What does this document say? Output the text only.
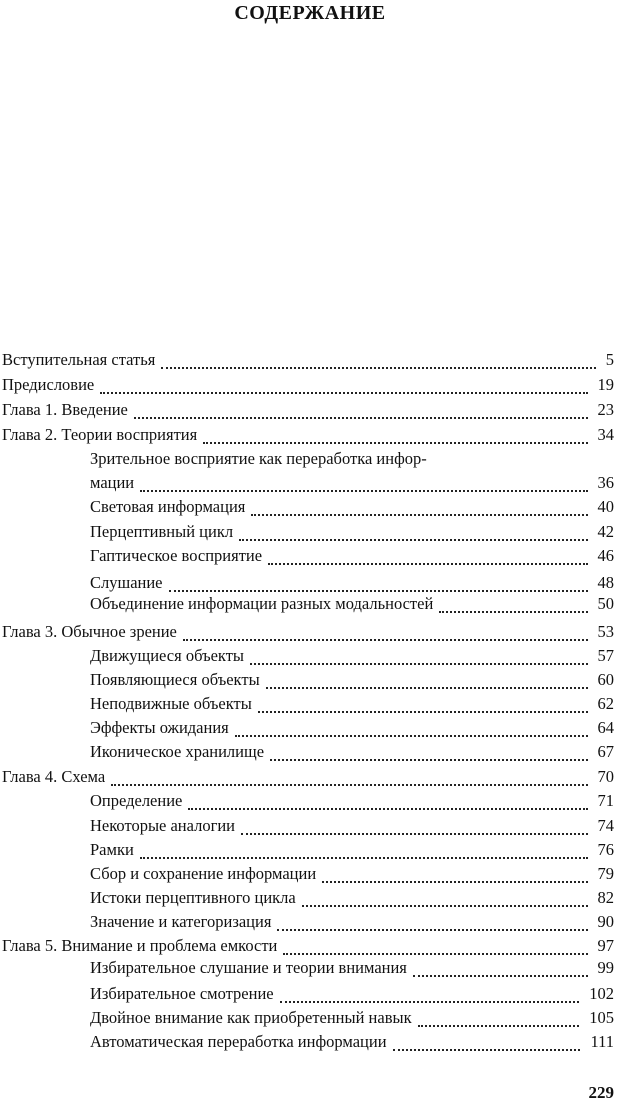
СОДЕРЖАНИЕ
Вступительная статья	5
Предисловие	19
Глава 1. Введение	23
Глава 2. Теории восприятия	34
Зрительное восприятие как переработка инфор-
мации	36
Световая информация	40
Перцептивный цикл	42
Гаптическое восприятие	46
Слушание	48
Объединение информации разных модальностей	50
Глава 3. Обычное зрение	53
Движущиеся объекты	57
Появляющиеся объекты	60
Неподвижные объекты	62
Эффекты ожидания	64
Иконическое хранилище	67
Глава 4. Схема	70
Определение	71
Некоторые аналогии	74
Рамки	76
Сбор и сохранение информации	79
Истоки перцептивного цикла	82
Значение и категоризация	90
Глава 5. Внимание и проблема емкости	97
Избирательное слушание и теории внимания	99
Избирательное смотрение	102
Двойное внимание как приобретенный навык	105
Автоматическая переработка информации	111

229
